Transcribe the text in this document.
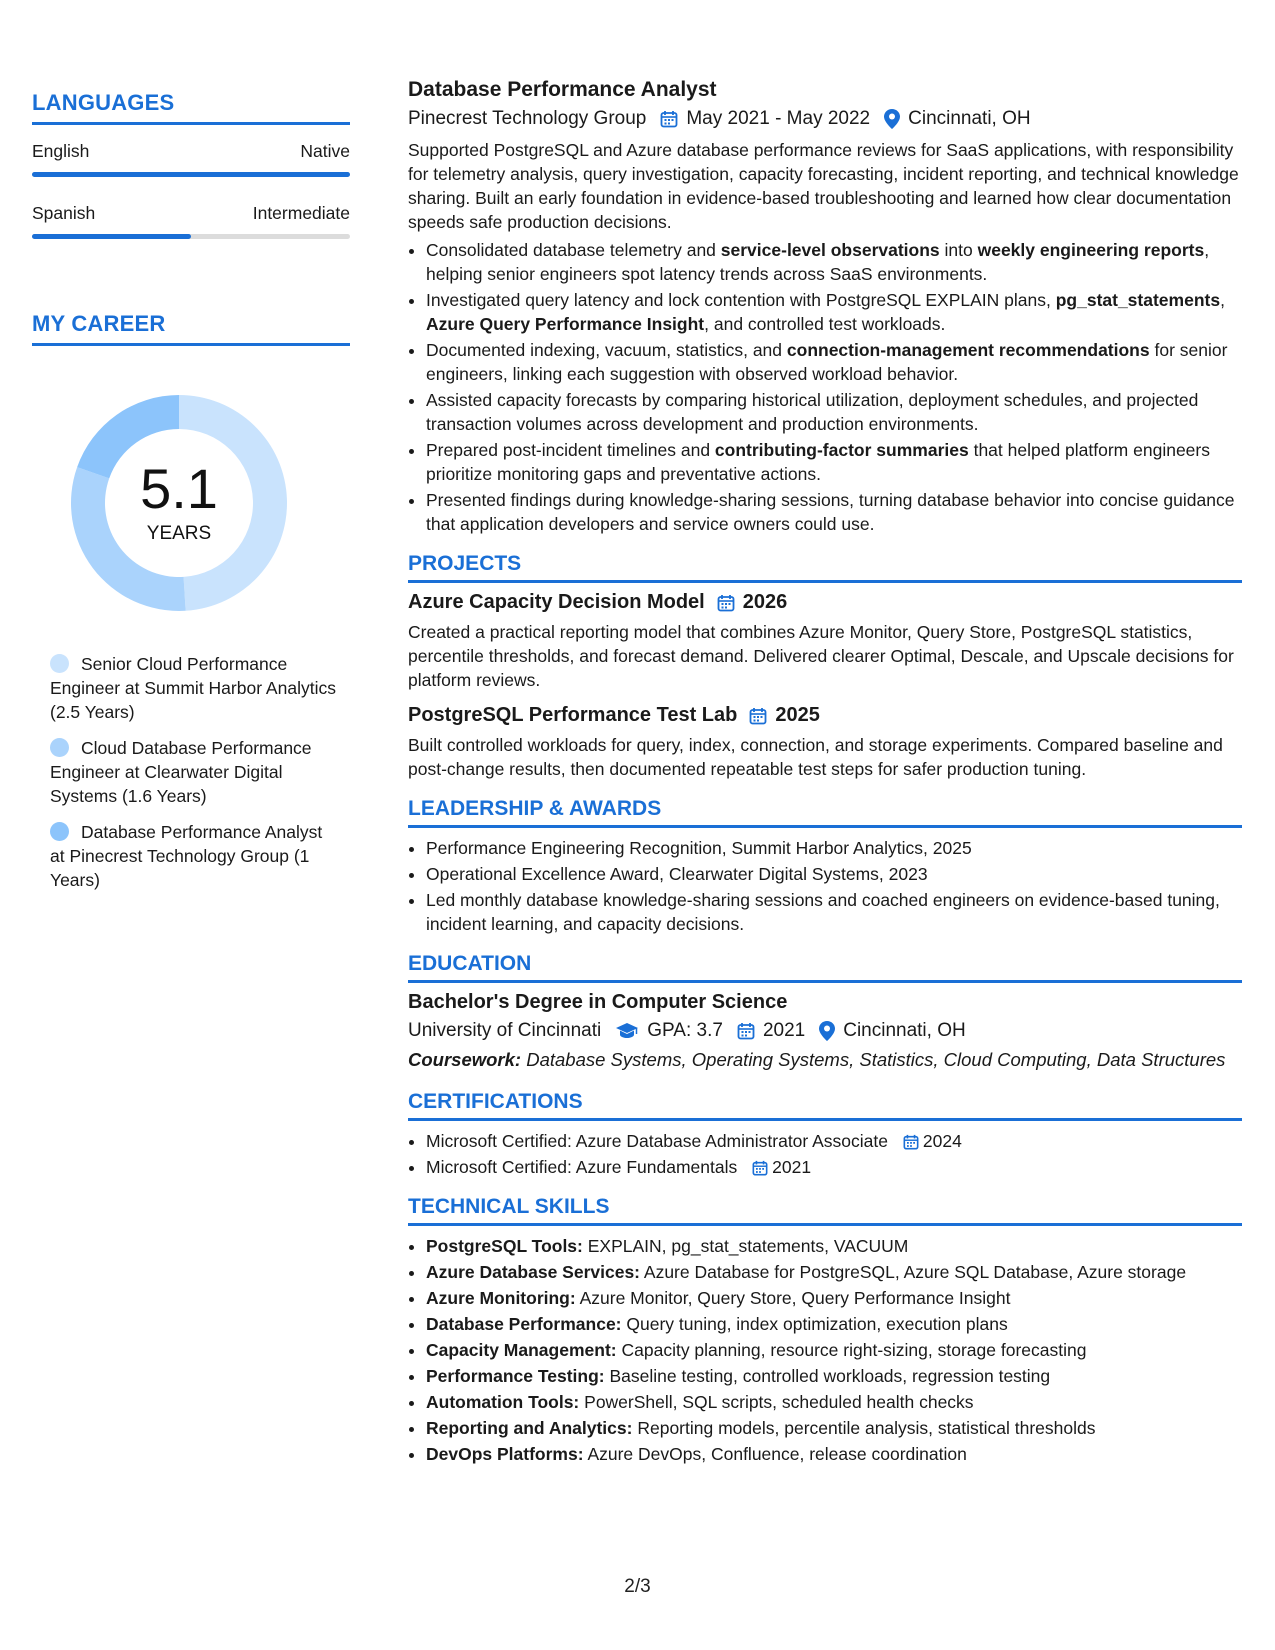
LANGUAGES
English	Native
Spanish	Intermediate
MY CAREER
5.1
YEARS
Senior Cloud Performance Engineer at Summit Harbor Analytics (2.5 Years)
Cloud Database Performance Engineer at Clearwater Digital Systems (1.6 Years)
Database Performance Analyst at Pinecrest Technology Group (1 Years)
Database Performance Analyst
Pinecrest Technology Group May 2021 - May 2022 Cincinnati, OH

Supported PostgreSQL and Azure database performance reviews for SaaS applications, with responsibility for telemetry analysis, query investigation, capacity forecasting, incident reporting, and technical knowledge sharing. Built an early foundation in evidence-based troubleshooting and learned how clear documentation speeds safe production decisions.

• Consolidated database telemetry and service-level observations into weekly engineering reports, helping senior engineers spot latency trends across SaaS environments.
• Investigated query latency and lock contention with PostgreSQL EXPLAIN plans, pg_stat_statements, Azure Query Performance Insight, and controlled test workloads.
• Documented indexing, vacuum, statistics, and connection-management recommendations for senior engineers, linking each suggestion with observed workload behavior.
• Assisted capacity forecasts by comparing historical utilization, deployment schedules, and projected transaction volumes across development and production environments.
• Prepared post-incident timelines and contributing-factor summaries that helped platform engineers prioritize monitoring gaps and preventative actions.
• Presented findings during knowledge-sharing sessions, turning database behavior into concise guidance that application developers and service owners could use.
PROJECTS
Azure Capacity Decision Model 2026

Created a practical reporting model that combines Azure Monitor, Query Store, PostgreSQL statistics, percentile thresholds, and forecast demand. Delivered clearer Optimal, Descale, and Upscale decisions for platform reviews.

PostgreSQL Performance Test Lab 2025

Built controlled workloads for query, index, connection, and storage experiments. Compared baseline and post-change results, then documented repeatable test steps for safer production tuning.

LEADERSHIP & AWARDS
• Performance Engineering Recognition, Summit Harbor Analytics, 2025
• Operational Excellence Award, Clearwater Digital Systems, 2023
• Led monthly database knowledge-sharing sessions and coached engineers on evidence-based tuning, incident learning, and capacity decisions.
EDUCATION
Bachelor's Degree in Computer Science
University of Cincinnati GPA: 3.7 2021 Cincinnati, OH
Coursework: Database Systems, Operating Systems, Statistics, Cloud Computing, Data Structures
CERTIFICATIONS
• Microsoft Certified: Azure Database Administrator Associate 2024
• Microsoft Certified: Azure Fundamentals 2021
TECHNICAL SKILLS
• PostgreSQL Tools: EXPLAIN, pg_stat_statements, VACUUM
• Azure Database Services: Azure Database for PostgreSQL, Azure SQL Database, Azure storage
• Azure Monitoring: Azure Monitor, Query Store, Query Performance Insight
• Database Performance: Query tuning, index optimization, execution plans
• Capacity Management: Capacity planning, resource right-sizing, storage forecasting
• Performance Testing: Baseline testing, controlled workloads, regression testing
• Automation Tools: PowerShell, SQL scripts, scheduled health checks
• Reporting and Analytics: Reporting models, percentile analysis, statistical thresholds
• DevOps Platforms: Azure DevOps, Confluence, release coordination
2/3
